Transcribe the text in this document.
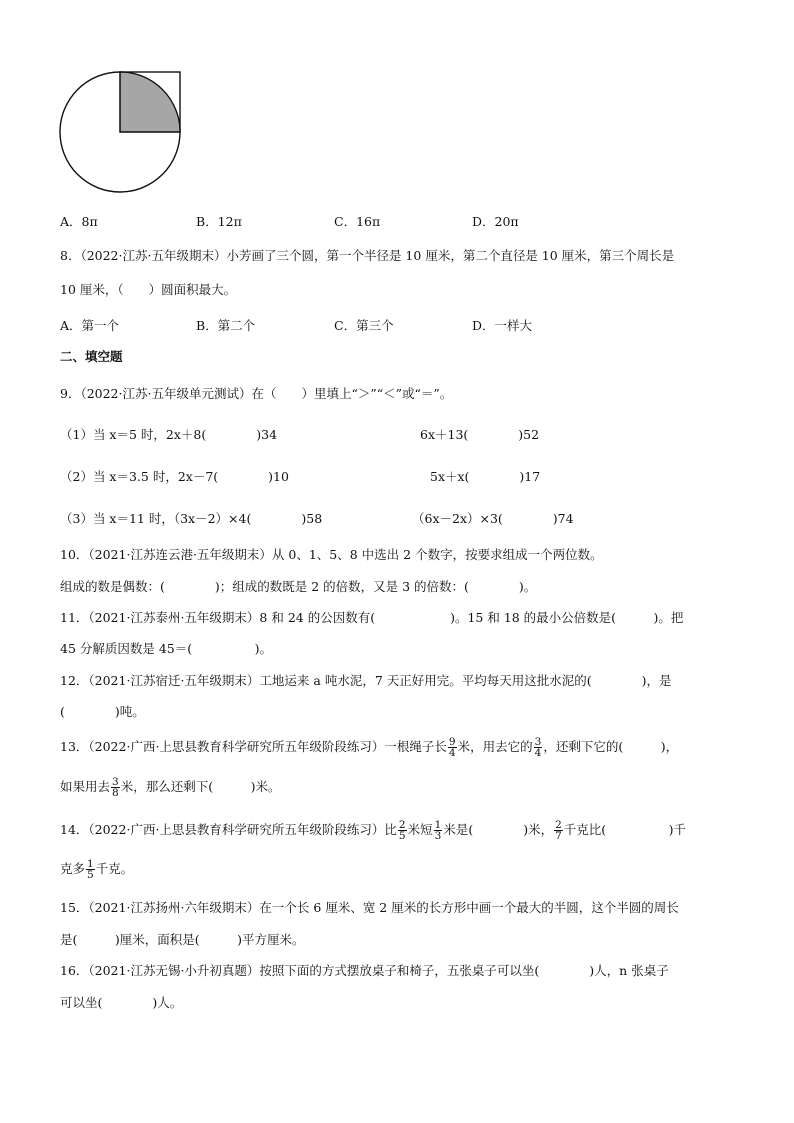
A．8π	B．12π	C．16π	D．20π
8．（2022·江苏·五年级期末）小芳画了三个圆，第一个半径是 10 厘米，第二个直径是 10 厘米，第三个周长是
10 厘米，（　　）圆面积最大。
A．第一个	B．第二个	C．第三个	D．一样大
二、填空题
9．（2022·江苏·五年级单元测试）在（　　）里填上“＞”“＜”或“＝”。
（1）当 x＝5 时，2x＋8(　　　　)34	6x＋13(　　　　)52
（2）当 x＝3.5 时，2x－7(　　　　)10	5x＋x(　　　　)17
（3）当 x＝11 时，（3x－2）×4(　　　　)58	（6x－2x）×3(　　　　)74
10．（2021·江苏连云港·五年级期末）从 0、1、5、8 中选出 2 个数字，按要求组成一个两位数。
组成的数是偶数：(　　　　)；组成的数既是 2 的倍数，又是 3 的倍数：(　　　　)。
11．（2021·江苏泰州·五年级期末）8 和 24 的公因数有(　　　　　　)。15 和 18 的最小公倍数是(　　　)。把
45 分解质因数是 45＝(　　　　　)。
12．（2021·江苏宿迁·五年级期末）工地运来 a 吨水泥，7 天正好用完。平均每天用这批水泥的(　　　　)，是
(　　　　)吨。
13．（2022·广西·上思县教育科学研究所五年级阶段练习）一根绳子长 $\frac{9}{4}$ 米，用去它的 $\frac{3}{4}$ ，还剩下它的(　　　)，
如果用去 $\frac{3}{8}$ 米，那么还剩下(　　　)米。
14．（2022·广西·上思县教育科学研究所五年级阶段练习）比 $\frac{2}{5}$ 米短 $\frac{1}{3}$ 米是(　　　　)米， $\frac{2}{7}$ 千克比(　　　　　)千
克多 $\frac{1}{5}$ 千克。
15．（2021·江苏扬州·六年级期末）在一个长 6 厘米、宽 2 厘米的长方形中画一个最大的半圆，这个半圆的周长
是(　　　)厘米，面积是(　　　)平方厘米。
16．（2021·江苏无锡·小升初真题）按照下面的方式摆放桌子和椅子，五张桌子可以坐(　　　　)人，n 张桌子
可以坐(　　　　)人。
